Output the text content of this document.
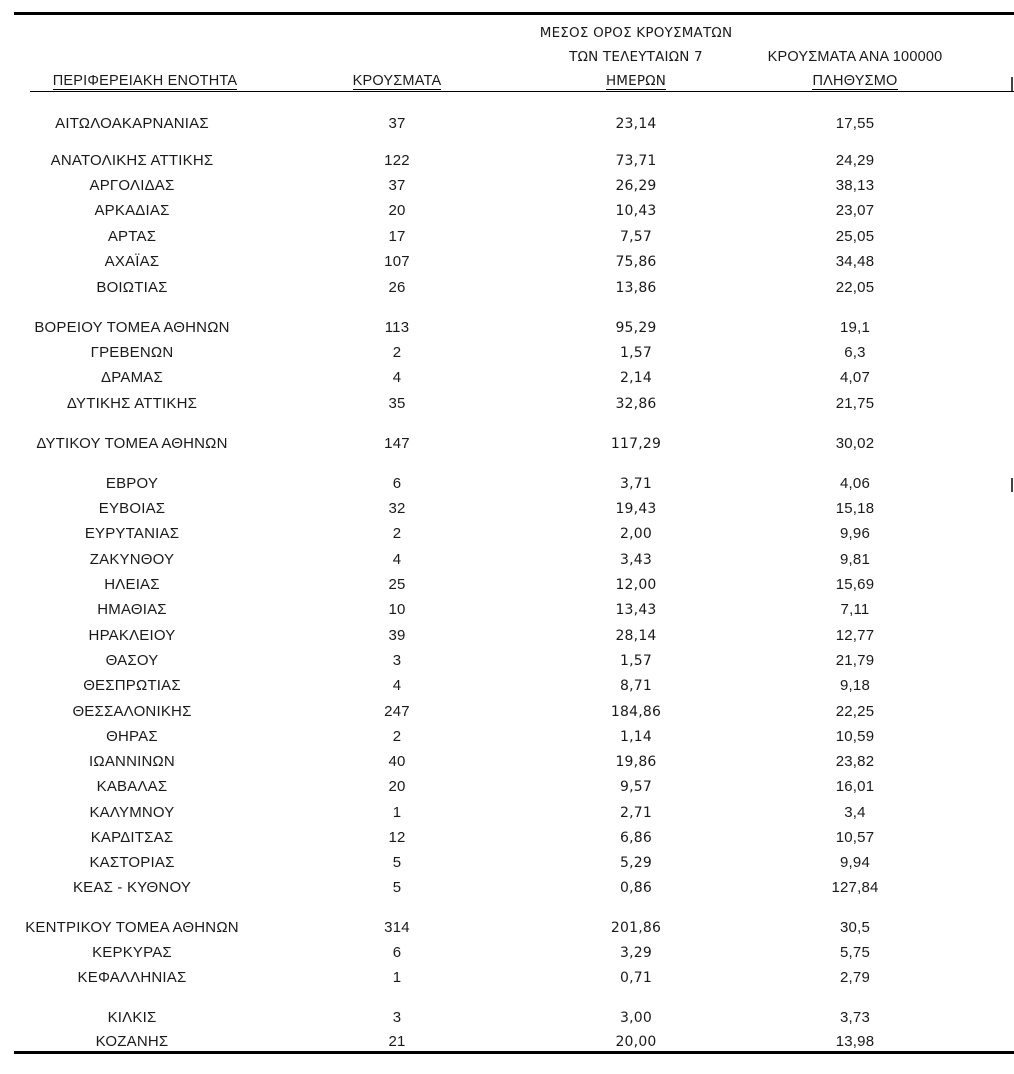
ΠΕΡΙΦΕΡΕΙΑΚΗ ΕΝΟΤΗΤΑ	ΚΡΟΥΣΜΑΤΑ
ΜΕΣΟΣ ΟΡΟΣ ΚΡΟΥΣΜΑΤΩΝ
ΤΩΝ ΤΕΛΕΥΤΑΙΩΝ 7
ΗΜΕΡΩΝ
ΚΡΟΥΣΜΑΤΑ ΑΝΑ 100000
ΠΛΗΘΥΣΜΟ
ΑΙΤΩΛΟΑΚΑΡΝΑΝΙΑΣ	37	23,14	17,55
ΑΝΑΤΟΛΙΚΗΣ ΑΤΤΙΚΗΣ	122	73,71	24,29
ΑΡΓΟΛΙΔΑΣ	37	26,29	38,13
ΑΡΚΑΔΙΑΣ	20	10,43	23,07
ΑΡΤΑΣ	17	7,57	25,05
ΑΧΑΪΑΣ	107	75,86	34,48
ΒΟΙΩΤΙΑΣ	26	13,86	22,05
ΒΟΡΕΙΟΥ ΤΟΜΕΑ ΑΘΗΝΩΝ	113	95,29	19,1
ΓΡΕΒΕΝΩΝ	2	1,57	6,3
ΔΡΑΜΑΣ	4	2,14	4,07
ΔΥΤΙΚΗΣ ΑΤΤΙΚΗΣ	35	32,86	21,75
ΔΥΤΙΚΟΥ ΤΟΜΕΑ ΑΘΗΝΩΝ	147	117,29	30,02
ΕΒΡΟΥ	6	3,71	4,06
ΕΥΒΟΙΑΣ	32	19,43	15,18
ΕΥΡΥΤΑΝΙΑΣ	2	2,00	9,96
ΖΑΚΥΝΘΟΥ	4	3,43	9,81
ΗΛΕΙΑΣ	25	12,00	15,69
ΗΜΑΘΙΑΣ	10	13,43	7,11
ΗΡΑΚΛΕΙΟΥ	39	28,14	12,77
ΘΑΣΟΥ	3	1,57	21,79
ΘΕΣΠΡΩΤΙΑΣ	4	8,71	9,18
ΘΕΣΣΑΛΟΝΙΚΗΣ	247	184,86	22,25
ΘΗΡΑΣ	2	1,14	10,59
ΙΩΑΝΝΙΝΩΝ	40	19,86	23,82
ΚΑΒΑΛΑΣ	20	9,57	16,01
ΚΑΛΥΜΝΟΥ	1	2,71	3,4
ΚΑΡΔΙΤΣΑΣ	12	6,86	10,57
ΚΑΣΤΟΡΙΑΣ	5	5,29	9,94
ΚΕΑΣ - ΚΥΘΝΟΥ	5	0,86	127,84
ΚΕΝΤΡΙΚΟΥ ΤΟΜΕΑ ΑΘΗΝΩΝ	314	201,86	30,5
ΚΕΡΚΥΡΑΣ	6	3,29	5,75
ΚΕΦΑΛΛΗΝΙΑΣ	1	0,71	2,79
ΚΙΛΚΙΣ	3	3,00	3,73
ΚΟΖΑΝΗΣ	21	20,00	13,98
